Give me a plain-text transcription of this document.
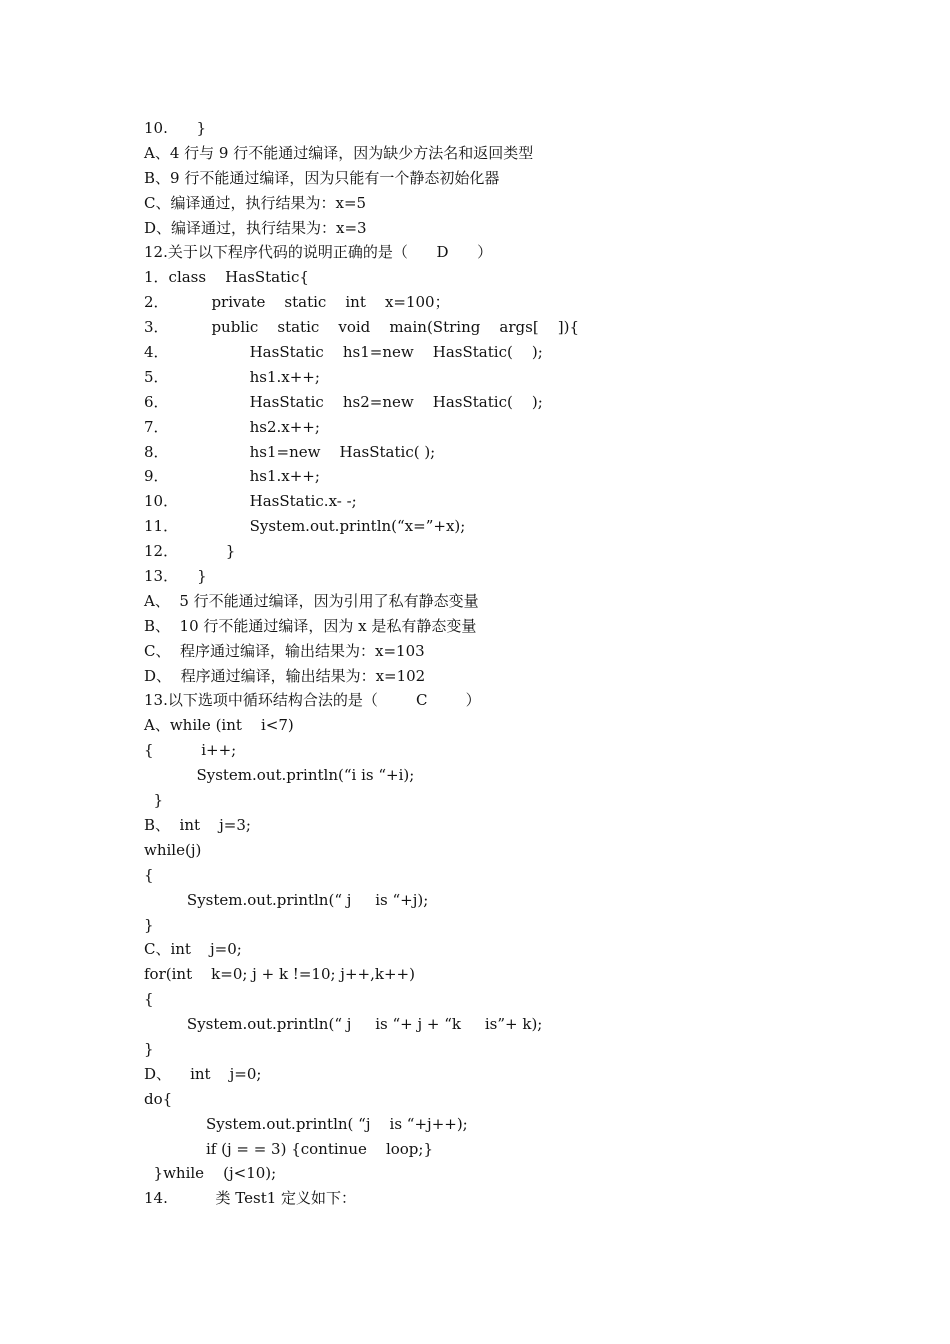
10.      }
A、4 行与 9 行不能通过编译，因为缺少方法名和返回类型
B、9 行不能通过编译，因为只能有一个静态初始化器
C、编译通过，执行结果为：x=5
D、编译通过，执行结果为：x=3
12.关于以下程序代码的说明正确的是（      D      ）
1．class    HasStatic{
2．         private    static    int    x=100；
3．         public    static    void    main(String    args[    ]){
4．                 HasStatic    hs1=new    HasStatic(    );
5．                 hs1.x++;
6．                 HasStatic    hs2=new    HasStatic(    );
7．                 hs2.x++;
8．                 hs1=new    HasStatic( );
9．                 hs1.x++;
10．               HasStatic.x- -;
11．               System.out.println(“x=”+x);
12．          }
13．    }
A、  5 行不能通过编译，因为引用了私有静态变量
B、  10 行不能通过编译，因为 x 是私有静态变量
C、  程序通过编译，输出结果为：x=103
D、  程序通过编译，输出结果为：x=102
13.以下选项中循环结构合法的是（        C        ）
A、while (int    i<7)
{          i++;
System.out.println(“i is “+i);
}
B、  int    j=3;
while(j)
{
System.out.println(“ j     is “+j);
}
C、int    j=0;
for(int    k=0; j + k !=10; j++,k++)
{
System.out.println(“ j     is “+ j + “k     is”+ k);
}
D、    int    j=0;
do{
System.out.println( “j    is “+j++);
if (j = = 3) {continue    loop;}
}while    (j<10);
14.          类 Test1 定义如下：
